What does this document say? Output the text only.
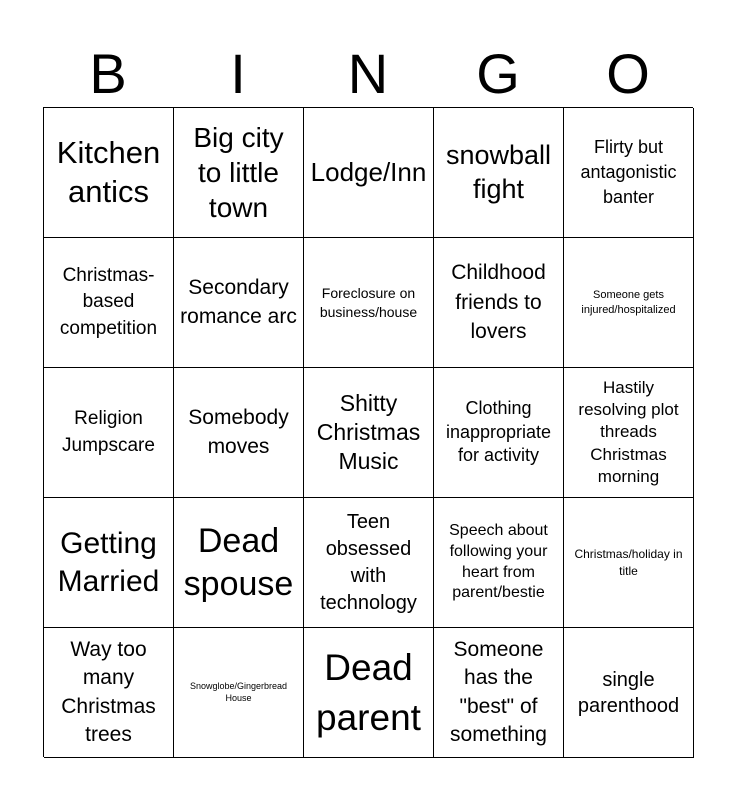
B	I	N	G	O
Kitchen antics
Big city to little town
Lodge/Inn
snowball fight
Flirty but antagonistic banter
Christmas-based competition
Secondary romance arc
Foreclosure on business/house
Childhood friends to lovers
Someone gets injured/hospitalized
Religion Jumpscare
Somebody moves
Shitty Christmas Music
Clothing inappropriate for activity
Hastily resolving plot threads Christmas morning
Getting Married
Dead spouse
Teen obsessed with technology
Speech about following your heart from parent/bestie
Christmas/holiday in title
Way too many Christmas trees
Snowglobe/Gingerbread House
Dead parent
Someone has the "best" of something
single parenthood
